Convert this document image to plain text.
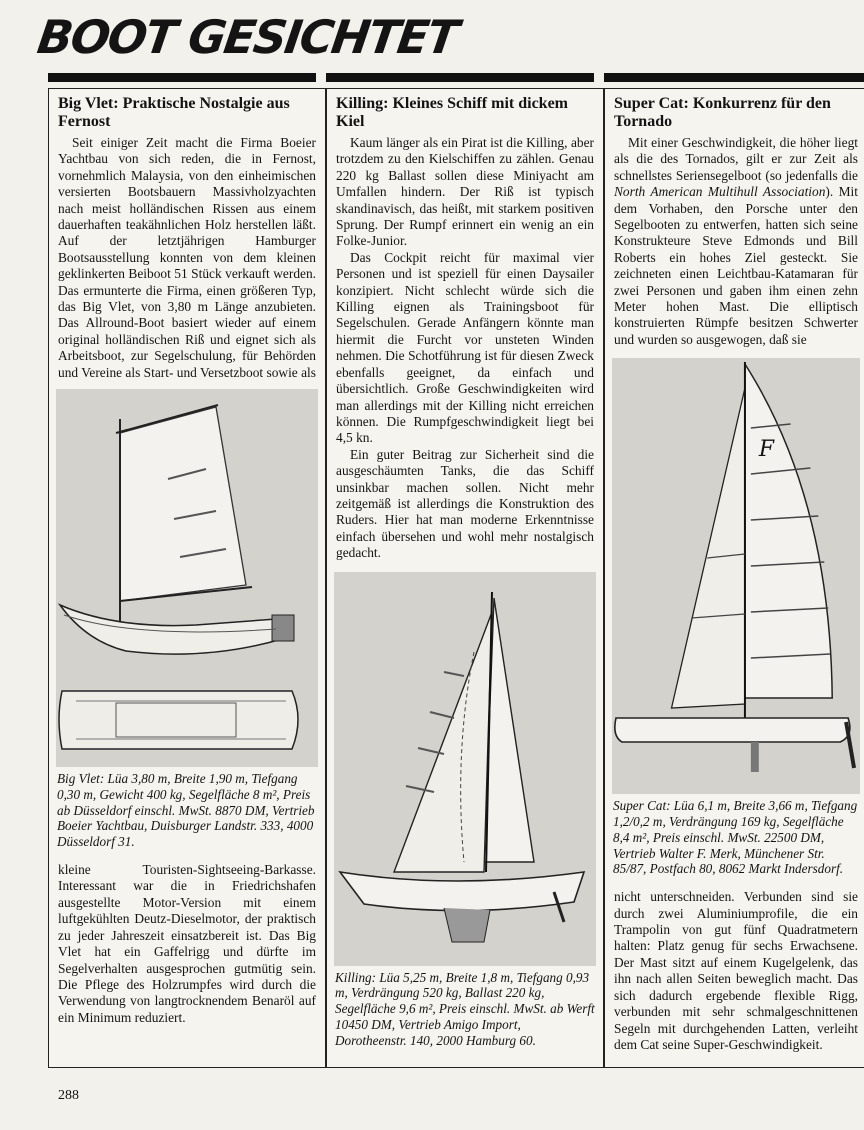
BOOT GESICHTET
Big Vlet: Praktische Nostalgie aus Fernost

Seit einiger Zeit macht die Firma Boeier Yachtbau von sich reden, die in Fernost, vornehmlich Malaysia, von den einheimischen versierten Bootsbauern Massivholzyachten nach meist holländischen Rissen aus einem dauerhaften teakähnlichen Holz herstellen läßt. Auf der letztjährigen Hamburger Bootsausstellung konnten von dem kleinen geklinkerten Beiboot 51 Stück verkauft werden. Das ermunterte die Firma, einen größeren Typ, das Big Vlet, von 3,80 m Länge anzubieten. Das Allround-Boot basiert wieder auf einem original holländischen Riß und eignet sich als Arbeitsboot, zur Segelschulung, für Behörden und Vereine als Start- und Versetzboot sowie als

Big Vlet: Lüa 3,80 m, Breite 1,90 m, Tiefgang 0,30 m, Gewicht 400 kg, Segelfläche 8 m², Preis ab Düsseldorf einschl. MwSt. 8870 DM, Vertrieb Boeier Yachtbau, Duisburger Landstr. 333, 4000 Düsseldorf 31.

kleine Touristen-Sightseeing-Barkasse. Interessant war die in Friedrichshafen ausgestellte Motor-Version mit einem luftgekühlten Deutz-Dieselmotor, der praktisch zu jeder Jahreszeit einsatzbereit ist. Das Big Vlet hat ein Gaffelrigg und dürfte im Segelverhalten ausgesprochen gutmütig sein. Die Pflege des Holzrumpfes wird durch die Verwendung von langtrocknendem Benaröl auf ein Minimum reduziert.

Killing: Kleines Schiff mit dickem Kiel

Kaum länger als ein Pirat ist die Killing, aber trotzdem zu den Kielschiffen zu zählen. Genau 220 kg Ballast sollen diese Miniyacht am Umfallen hindern. Der Riß ist typisch skandinavisch, das heißt, mit starkem positiven Sprung. Der Rumpf erinnert ein wenig an ein Folke-Junior.

Das Cockpit reicht für maximal vier Personen und ist speziell für einen Daysailer konzipiert. Nicht schlecht würde sich die Killing eignen als Trainingsboot für Segelschulen. Gerade Anfängern könnte man hiermit die Furcht vor unsteten Winden nehmen. Die Schotführung ist für diesen Zweck ebenfalls geeignet, da einfach und übersichtlich. Große Geschwindigkeiten wird man allerdings mit der Killing nicht erreichen können. Die Rumpfgeschwindigkeit liegt bei 4,5 kn.

Ein guter Beitrag zur Sicherheit sind die ausgeschäumten Tanks, die das Schiff unsinkbar machen sollen. Nicht mehr zeitgemäß ist allerdings die Konstruktion des Ruders. Hier hat man moderne Erkenntnisse einfach übersehen und wohl mehr nostalgisch gedacht.

Killing: Lüa 5,25 m, Breite 1,8 m, Tiefgang 0,93 m, Verdrängung 520 kg, Ballast 220 kg, Segelfläche 9,6 m², Preis einschl. MwSt. ab Werft 10450 DM, Vertrieb Amigo Import, Dorotheenstr. 140, 2000 Hamburg 60.
Super Cat: Konkurrenz für den Tornado

Mit einer Geschwindigkeit, die höher liegt als die des Tornados, gilt er zur Zeit als schnellstes Seriensegelboot (so jedenfalls die North American Multihull Association). Mit dem Vorhaben, den Porsche unter den Segelbooten zu entwerfen, hatten sich seine Konstrukteure Steve Edmonds und Bill Roberts ein hohes Ziel gesteckt. Sie zeichneten einen Leichtbau-Katamaran für zwei Personen und gaben ihm einen zehn Meter hohen Mast. Die elliptisch konstruierten Rümpfe besitzen Schwerter und wurden so ausgewogen, daß sie

F
Super Cat: Lüa 6,1 m, Breite 3,66 m, Tiefgang 1,2/0,2 m, Verdrängung 169 kg, Segelfläche 8,4 m², Preis einschl. MwSt. 22500 DM, Vertrieb Walter F. Merk, Münchener Str. 85/87, Postfach 80, 8062 Markt Indersdorf.

nicht unterschneiden. Verbunden sind sie durch zwei Aluminiumprofile, die ein Trampolin von gut fünf Quadratmetern halten: Platz genug für sechs Erwachsene. Der Mast sitzt auf einem Kugelgelenk, das ihn nach allen Seiten beweglich macht. Das sich dadurch ergebende flexible Rigg, verbunden mit sehr schmalgeschnittenen Segeln mit durchgehenden Latten, verleiht dem Cat seine Super-Geschwindigkeit.

288
